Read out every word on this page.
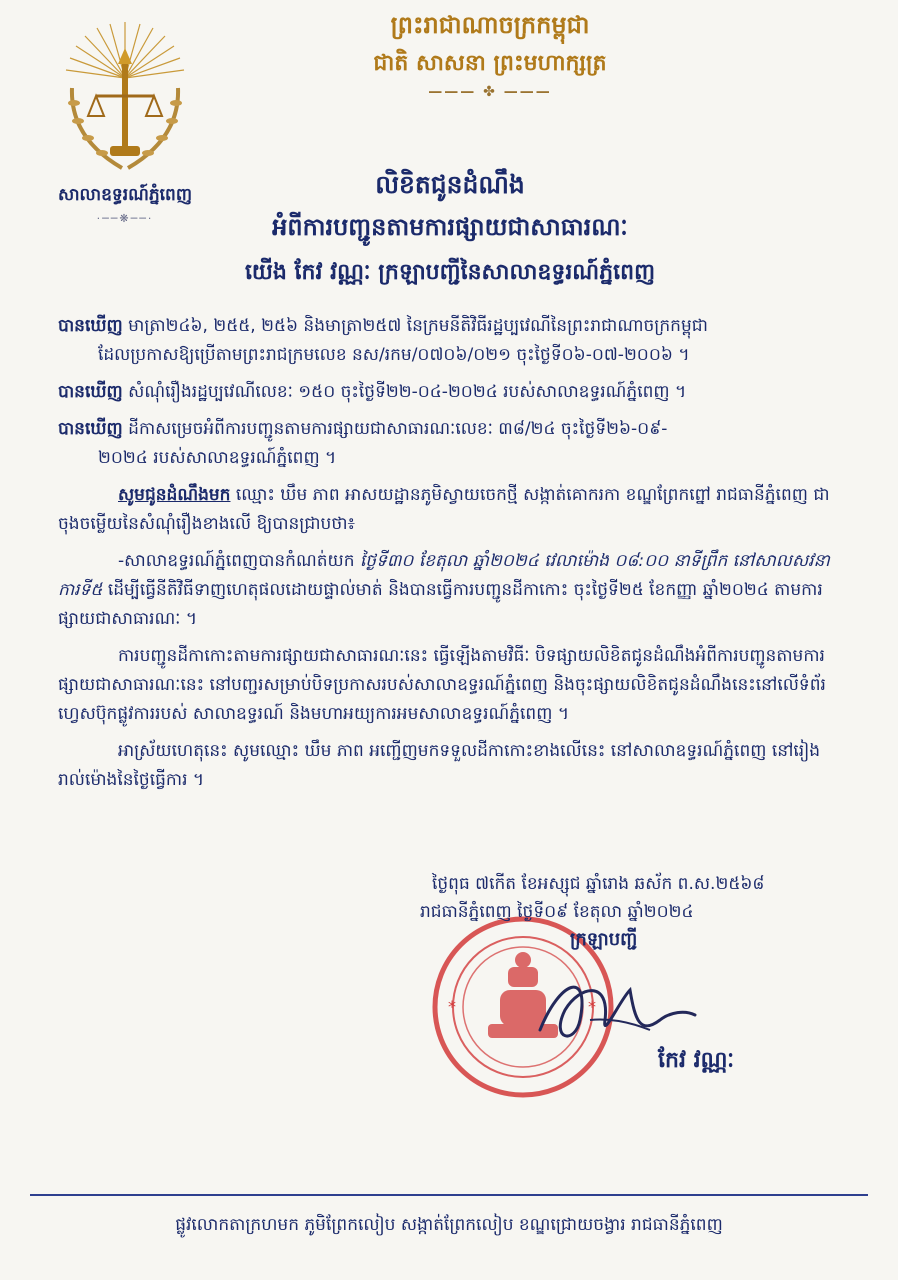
សាលាឧទ្ធរណ៍ភ្នំពេញ
·──❋──·
ព្រះរាជាណាចក្រកម្ពុជា
ជាតិ សាសនា ព្រះមហាក្សត្រ
——— ✤ ———
លិខិតជូនដំណឹង
អំពីការបញ្ជូនតាមការផ្សាយជាសាធារណៈ
យើង កែវ វណ្ណៈ ក្រឡាបញ្ជីនៃសាលាឧទ្ធរណ៍ភ្នំពេញ
បានឃើញ មាត្រា២៤៦, ២៥៥, ២៥៦ និងមាត្រា២៥៧ នៃក្រមនីតិវិធីរដ្ឋប្បវេណីនៃព្រះរាជាណាចក្រកម្ពុជា
ដែលប្រកាសឱ្យប្រើតាមព្រះរាជក្រមលេខ នស/រកម/០៧០៦/០២១ ចុះថ្ងៃទី០៦-០៧-២០០៦ ។
បានឃើញ សំណុំរឿងរដ្ឋប្បវេណីលេខៈ ១៥០ ចុះថ្ងៃទី២២-០៤-២០២៤ របស់សាលាឧទ្ធរណ៍ភ្នំពេញ ។
បានឃើញ ដីកាសម្រេចអំពីការបញ្ជូនតាមការផ្សាយជាសាធារណៈលេខៈ ៣៨/២៤ ចុះថ្ងៃទី២៦-០៩-
២០២៤ របស់សាលាឧទ្ធរណ៍ភ្នំពេញ ។
សូមជូនដំណឹងមក ឈ្មោះ ឃឹម ភាព អាសយដ្ឋានភូមិស្វាយចេកថ្មី សង្កាត់គោករកា ខណ្ឌព្រែកព្នៅ រាជធានីភ្នំពេញ ជាចុងចម្លើយនៃសំណុំរឿងខាងលើ ឱ្យបានជ្រាបថា៖
-សាលាឧទ្ធរណ៍ភ្នំពេញបានកំណត់យក ថ្ងៃទី៣០ ខែតុលា ឆ្នាំ២០២៤ វេលាម៉ោង ០៨:០០ នាទីព្រឹក នៅសាលសវនាការទី៥ ដើម្បីធ្វើនីតិវិធីទាញហេតុផលដោយផ្ទាល់មាត់ និងបានធ្វើការបញ្ជូនដីកាកោះ ចុះថ្ងៃទី២៥ ខែកញ្ញា ឆ្នាំ២០២៤ តាមការផ្សាយជាសាធារណៈ ។
ការបញ្ជូនដីកាកោះតាមការផ្សាយជាសាធារណៈនេះ ធ្វើឡើងតាមវិធីៈ បិទផ្សាយលិខិតជូនដំណឹងអំពីការបញ្ជូនតាមការផ្សាយជាសាធារណៈនេះ នៅបញ្ជរសម្រាប់បិទប្រកាសរបស់សាលាឧទ្ធរណ៍ភ្នំពេញ និងចុះផ្សាយលិខិតជូនដំណឹងនេះនៅលើទំព័រហ្វេសប៊ុកផ្លូវការរបស់ សាលាឧទ្ធរណ៍ និងមហាអយ្យការអមសាលាឧទ្ធរណ៍ភ្នំពេញ ។
អាស្រ័យហេតុនេះ សូមឈ្មោះ ឃឹម ភាព អញ្ជើញមកទទួលដីកាកោះខាងលើនេះ នៅសាលាឧទ្ធរណ៍ភ្នំពេញ នៅរៀងរាល់ម៉ោងនៃថ្ងៃធ្វើការ ។
*	*
ថ្ងៃពុធ ៧កើត ខែអស្សុជ ឆ្នាំរោង ឆស័ក ព.ស.២៥៦៨
រាជធានីភ្នំពេញ ថ្ងៃទី០៩ ខែតុលា ឆ្នាំ២០២៤
ក្រឡាបញ្ជី
កែវ វណ្ណៈ
ផ្លូវលោកតាក្រហមក ភូមិព្រែកលៀប សង្កាត់ព្រែកលៀប ខណ្ឌជ្រោយចង្វារ រាជធានីភ្នំពេញ
